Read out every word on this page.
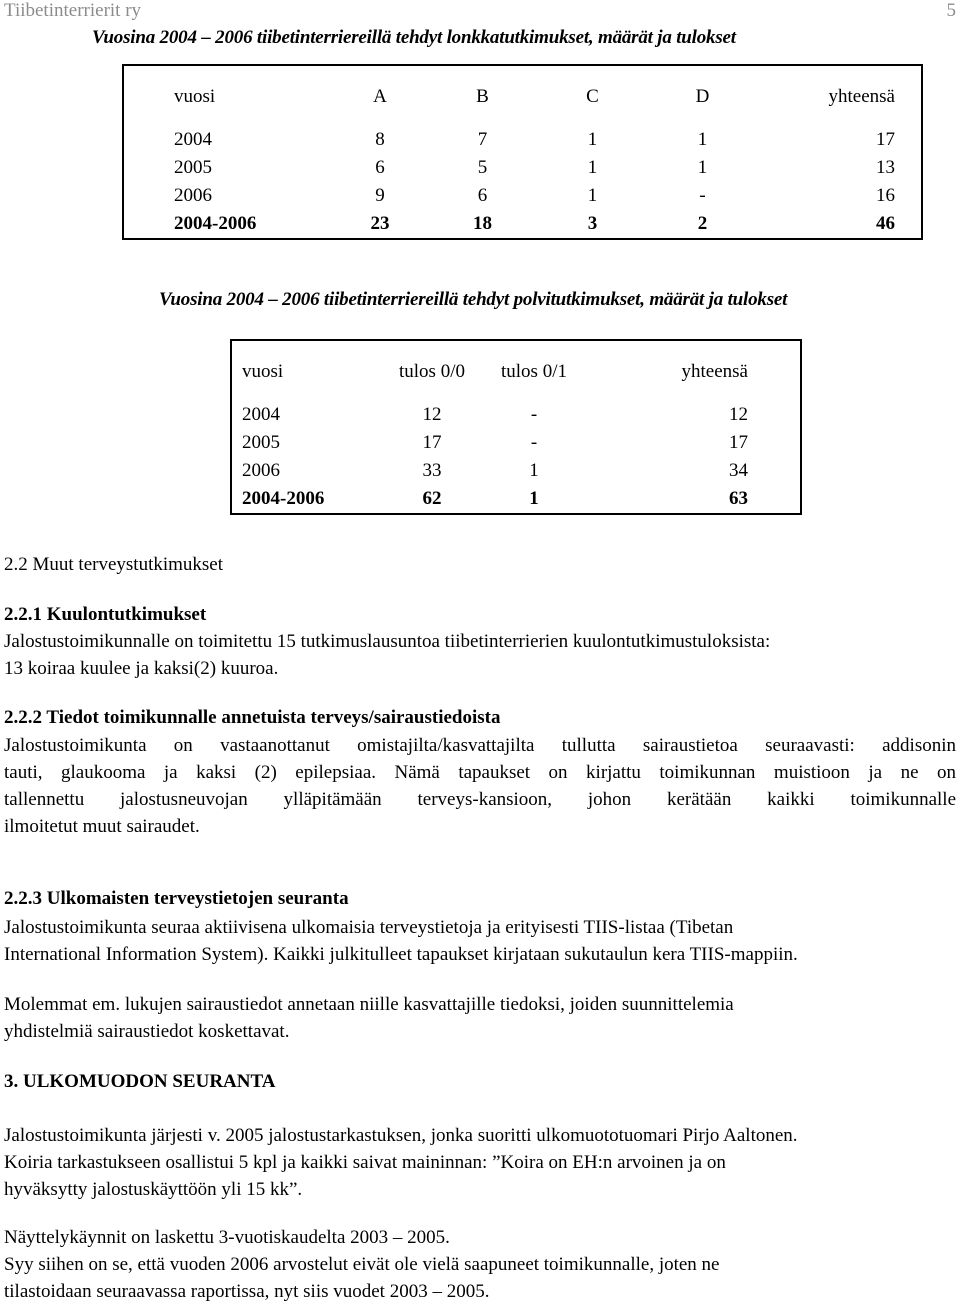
Tiibetinterrierit ry	5
Vuosina 2004 – 2006 tiibetinterriereillä tehdyt lonkkatutkimukset, määrät ja tulokset
vuosi	A	B	C	D	yhteensä
2004	8	7	1	1	17
2005	6	5	1	1	13
2006	9	6	1	-	16
2004-2006	23	18	3	2	46
Vuosina 2004 – 2006 tiibetinterriereillä tehdyt polvitutkimukset, määrät ja tulokset
vuosi	tulos 0/0	tulos 0/1	yhteensä
2004	12	-	12
2005	17	-	17
2006	33	1	34
2004-2006	62	1	63
2.2 Muut terveystutkimukset
2.2.1 Kuulontutkimukset
Jalostustoimikunnalle on toimitettu 15 tutkimuslausuntoa tiibetinterrierien kuulontutkimustuloksista:
13 koiraa kuulee ja kaksi(2) kuuroa.
2.2.2 Tiedot toimikunnalle annetuista terveys/sairaustiedoista
Jalostustoimikunta on vastaanottanut omistajilta/kasvattajilta tullutta sairaustietoa seuraavasti: addisonin
tauti, glaukooma ja kaksi (2) epilepsiaa. Nämä tapaukset on kirjattu toimikunnan muistioon ja ne on
tallennettu jalostusneuvojan ylläpitämään terveys-kansioon, johon kerätään kaikki toimikunnalle
ilmoitetut muut sairaudet.
2.2.3 Ulkomaisten terveystietojen seuranta
Jalostustoimikunta seuraa aktiivisena ulkomaisia terveystietoja ja erityisesti TIIS-listaa (Tibetan
International Information System). Kaikki julkitulleet tapaukset kirjataan sukutaulun kera TIIS-mappiin.
Molemmat em. lukujen sairaustiedot annetaan niille kasvattajille tiedoksi, joiden suunnittelemia
yhdistelmiä sairaustiedot koskettavat.
3. ULKOMUODON SEURANTA
Jalostustoimikunta järjesti v. 2005 jalostustarkastuksen, jonka suoritti ulkomuototuomari Pirjo Aaltonen.
Koiria tarkastukseen osallistui 5 kpl ja kaikki saivat maininnan: ”Koira on EH:n arvoinen ja on
hyväksytty jalostuskäyttöön yli 15 kk”.
Näyttelykäynnit on laskettu 3-vuotiskaudelta 2003 – 2005.
Syy siihen on se, että vuoden 2006 arvostelut eivät ole vielä saapuneet toimikunnalle, joten ne
tilastoidaan seuraavassa raportissa, nyt siis vuodet 2003 – 2005.
